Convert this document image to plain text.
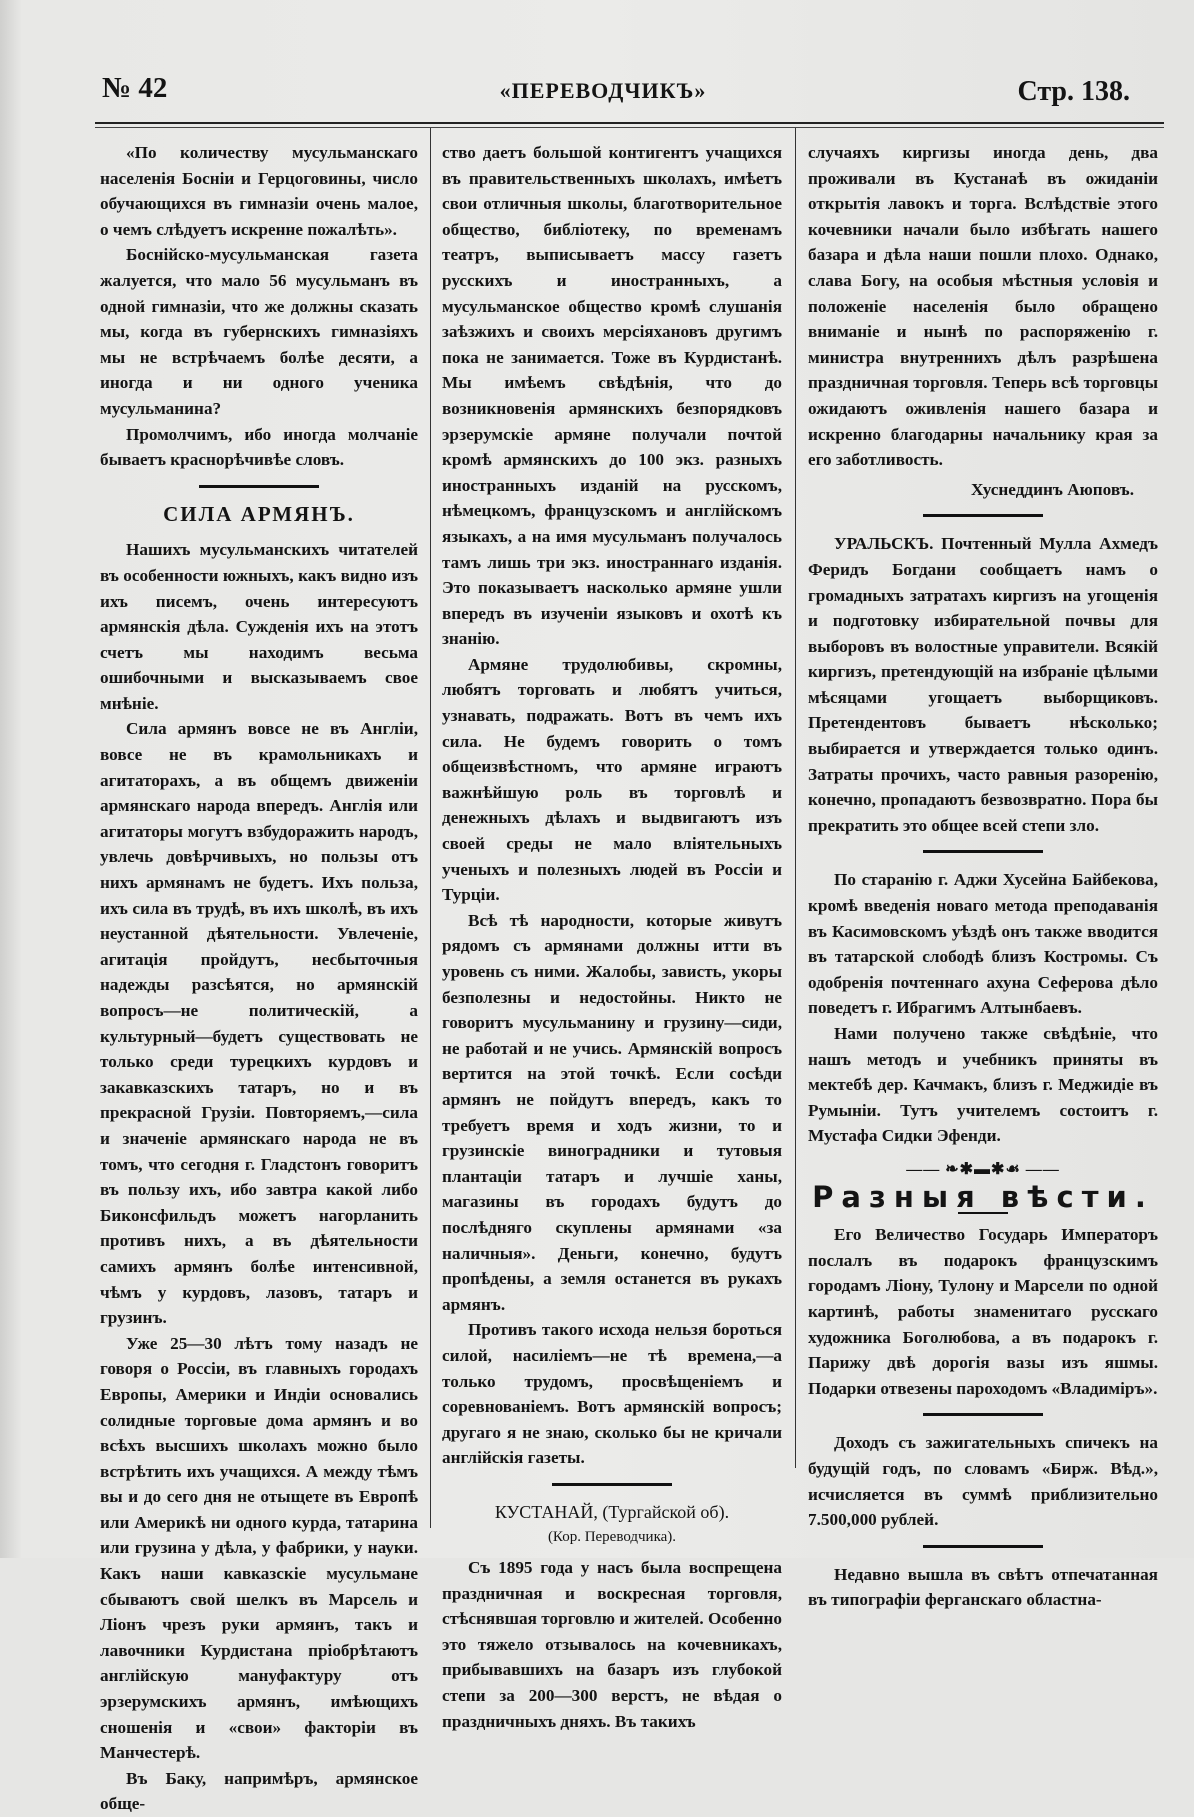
№ 42	«ПЕРЕВОДЧИКЪ»	Стр. 138.

«По количеству мусульманскаго населенія Босніи и Герцоговины, число обучающихся въ гимназіи очень малое, о чемъ слѣдуетъ искренне пожалѣть».

Боснійско-мусульманская газета жалуется, что мало 56 мусульманъ въ одной гимназіи, что же должны сказать мы, когда въ губернскихъ гимназіяхъ мы не встрѣчаемъ болѣе десяти, а иногда и ни одного ученика мусульманина?

Промолчимъ, ибо иногда молчаніе бываетъ краснорѣчивѣе словъ.

СИЛА АРМЯНЪ.

Нашихъ мусульманскихъ читателей въ особенности южныхъ, какъ видно изъ ихъ писемъ, очень интересуютъ армянскія дѣла. Сужденія ихъ на этотъ счетъ мы находимъ весьма ошибочными и высказываемъ свое мнѣніе.

Сила армянъ вовсе не въ Англіи, вовсе не въ крамольникахъ и агитаторахъ, а въ общемъ движеніи армянскаго народа впередъ. Англія или агитаторы могутъ взбудоражить народъ, увлечь довѣрчивыхъ, но пользы отъ нихъ армянамъ не будетъ. Ихъ польза, ихъ сила въ трудѣ, въ ихъ школѣ, въ ихъ неустанной дѣятельности. Увлеченіе, агитація пройдутъ, несбыточныя надежды разсѣятся, но армянскій вопросъ—не политическій, а культурный—будетъ существовать не только среди турецкихъ курдовъ и закавказскихъ татаръ, но и въ прекрасной Грузіи. Повторяемъ,—сила и значеніе армянскаго народа не въ томъ, что сегодня г. Гладстонъ говоритъ въ пользу ихъ, ибо завтра какой либо Биконсфильдъ можетъ нагорланить противъ нихъ, а въ дѣятельности самихъ армянъ болѣе интенсивной, чѣмъ у курдовъ, лазовъ, татаръ и грузинъ.

Уже 25—30 лѣтъ тому назадъ не говоря о Россіи, въ главныхъ городахъ Европы, Америки и Индіи основались солидные торговые дома армянъ и во всѣхъ высшихъ школахъ можно было встрѣтить ихъ учащихся. А между тѣмъ вы и до сего дня не отыщете въ Европѣ или Америкѣ ни одного курда, татарина или грузина у дѣла, у фабрики, у науки. Какъ наши кавказскіе мусульмане сбываютъ свой шелкъ въ Марсель и Ліонъ чрезъ руки армянъ, такъ и лавочники Курдистана пріобрѣтаютъ англійскую мануфактуру отъ эрзерумскихъ армянъ, имѣющихъ сношенія и «свои» факторіи въ Манчестерѣ.

Въ Баку, напримѣръ, армянское обще-

ство даетъ большой контигентъ учащихся въ правительственныхъ школахъ, имѣетъ свои отличныя школы, благотворительное общество, библіотеку, по временамъ театръ, выписываетъ массу газетъ русскихъ и иностранныхъ, а мусульманское общество кромѣ слушанія заѣзжихъ и своихъ мерсіяхановъ другимъ пока не занимается. Тоже въ Курдистанѣ. Мы имѣемъ свѣдѣнія, что до возникновенія армянскихъ безпорядковъ эрзерумскіе армяне получали почтой кромѣ армянскихъ до 100 экз. разныхъ иностранныхъ изданій на русскомъ, нѣмецкомъ, французскомъ и англійскомъ языкахъ, а на имя мусульманъ получалось тамъ лишь три экз. иностраннаго изданія. Это показываетъ насколько армяне ушли впередъ въ изученіи языковъ и охотѣ къ знанію.

Армяне трудолюбивы, скромны, любятъ торговать и любятъ учиться, узнавать, подражать. Вотъ въ чемъ ихъ сила. Не будемъ говорить о томъ общеизвѣстномъ, что армяне играютъ важнѣйшую роль въ торговлѣ и денежныхъ дѣлахъ и выдвигаютъ изъ своей среды не мало вліятельныхъ ученыхъ и полезныхъ людей въ Россіи и Турціи.

Всѣ тѣ народности, которые живутъ рядомъ съ армянами должны итти въ уровень съ ними. Жалобы, зависть, укоры безполезны и недостойны. Никто не говоритъ мусульманину и грузину—сиди, не работай и не учись. Армянскій вопросъ вертится на этой точкѣ. Если сосѣди армянъ не пойдутъ впередъ, какъ то требуетъ время и ходъ жизни, то и грузинскіе виноградники и тутовыя плантаціи татаръ и лучшіе ханы, магазины въ городахъ будутъ до послѣдняго скуплены армянами «за наличныя». Деньги, конечно, будутъ пропѣдены, а земля останется въ рукахъ армянъ.

Противъ такого исхода нельзя бороться силой, насиліемъ—не тѣ времена,—а только трудомъ, просвѣщеніемъ и соревнованіемъ. Вотъ армянскій вопросъ; другаго я не знаю, сколько бы не кричали англійскія газеты.

КУСТАНАЙ, (Тургайской об).
(Кор. Переводчика).

Съ 1895 года у насъ была воспрещена праздничная и воскресная торговля, стѣснявшая торговлю и жителей. Особенно это тяжело отзывалось на кочевникахъ, прибывавшихъ на базаръ изъ глубокой степи за 200—300 верстъ, не вѣдая о праздничныхъ дняхъ. Въ такихъ

случаяхъ киргизы иногда день, два проживали въ Кустанаѣ въ ожиданіи открытія лавокъ и торга. Вслѣдствіе этого кочевники начали было избѣгать нашего базара и дѣла наши пошли плохо. Однако, слава Богу, на особыя мѣстныя условія и положеніе населенія было обращено вниманіе и нынѣ по распоряженію г. министра внутреннихъ дѣлъ разрѣшена праздничная торговля. Теперь всѣ торговцы ожидаютъ оживленія нашего базара и искренно благодарны начальнику края за его заботливость.

Хуснеддинъ Аюповъ.

УРАЛЬСКЪ. Почтенный Мулла Ахмедъ Феридъ Богдани сообщаетъ намъ о громадныхъ затратахъ киргизъ на угощенія и подготовку избирательной почвы для выборовъ въ волостные управители. Всякій киргизъ, претендующій на избраніе цѣлыми мѣсяцами угощаетъ выборщиковъ. Претендентовъ бываетъ нѣсколько; выбирается и утверждается только одинъ. Затраты прочихъ, часто равныя разоренію, конечно, пропадаютъ безвозвратно. Пора бы прекратить это общее всей степи зло.

По старанію г. Аджи Хусейна Байбекова, кромѣ введенія новаго метода преподаванія въ Касимовскомъ уѣздѣ онъ также вводится въ татарской слободѣ близъ Костромы. Съ одобренія почтеннаго ахуна Сеферова дѣло поведетъ г. Ибрагимъ Алтынбаевъ.

Нами получено также свѣдѣніе, что нашъ методъ и учебникъ приняты въ мектебѣ дер. Качмакъ, близъ г. Меджидіе въ Румыніи. Тутъ учителемъ состоитъ г. Мустафа Сидки Эфенди.

—— ❧✱▬✱☙ ——
Разныя вѣсти.

Его Величество Государь Императоръ послалъ въ подарокъ французскимъ городамъ Ліону, Тулону и Марсели по одной картинѣ, работы знаменитаго русскаго художника Боголюбова, а въ подарокъ г. Парижу двѣ дорогія вазы изъ яшмы. Подарки отвезены пароходомъ «Владиміръ».

Доходъ съ зажигательныхъ спичекъ на будущій годъ, по словамъ «Бирж. Вѣд.», исчисляется въ суммѣ приблизительно 7.500,000 рублей.

Недавно вышла въ свѣтъ отпечатанная въ типографіи ферганскаго областна-
